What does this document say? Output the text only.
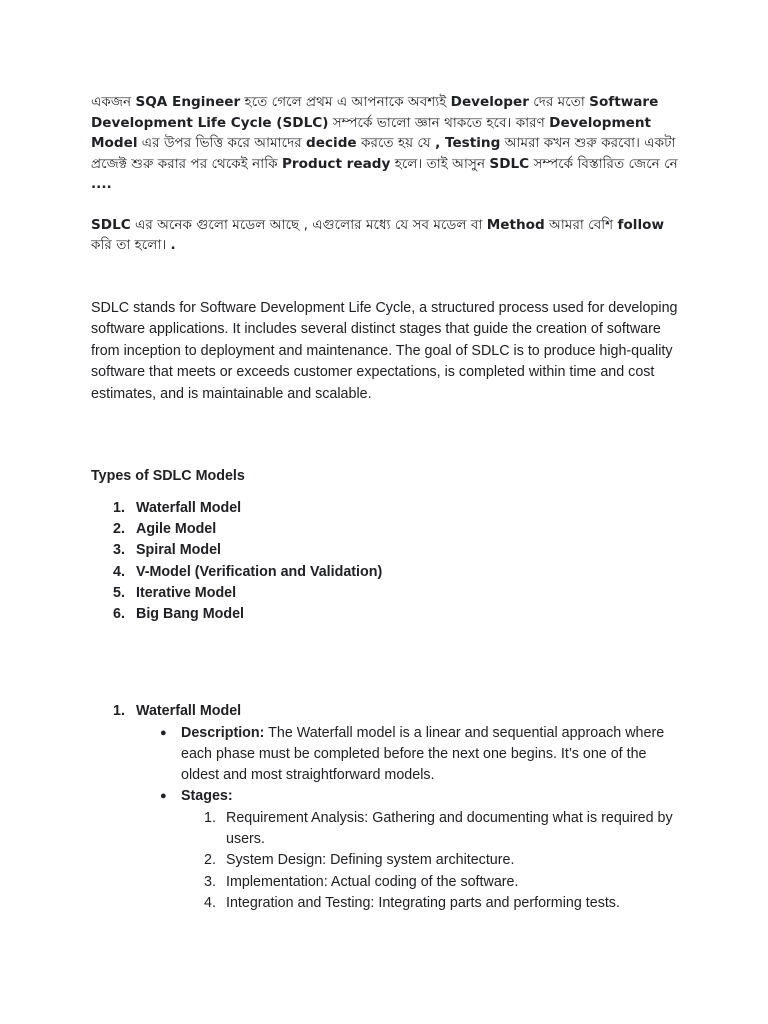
একজন SQA Engineer হতে গেলে প্রথম এ আপনাকে অবশ্যই Developer দের মতো Software Development Life Cycle (SDLC) সম্পর্কে ভালো জ্ঞান থাকতে হবে। কারণ Development Model এর উপর ভিত্তি করে আমাদের decide করতে হয় যে , Testing আমরা কখন শুরু করবো। একটা প্রজেক্ট শুরু করার পর থেকেই নাকি Product ready হলে। তাই আসুন SDLC সম্পর্কে বিস্তারিত জেনে নে ....

SDLC এর অনেক গুলো মডেল আছে , এগুলোর মধ্যে যে সব মডেল বা Method আমরা বেশি follow করি তা হলো। .

SDLC stands for Software Development Life Cycle, a structured process used for developing software applications. It includes several distinct stages that guide the creation of software from inception to deployment and maintenance. The goal of SDLC is to produce high-quality software that meets or exceeds customer expectations, is completed within time and cost estimates, and is maintainable and scalable.

Types of SDLC Models

1. Waterfall Model
2. Agile Model
3. Spiral Model
4. V-Model (Verification and Validation)
5. Iterative Model
6. Big Bang Model
1. Waterfall Model
● Description: The Waterfall model is a linear and sequential approach where each phase must be completed before the next one begins. It’s one of the oldest and most straightforward models.
● Stages:
1. Requirement Analysis: Gathering and documenting what is required by users.
2. System Design: Defining system architecture.
3. Implementation: Actual coding of the software.
4. Integration and Testing: Integrating parts and performing tests.
